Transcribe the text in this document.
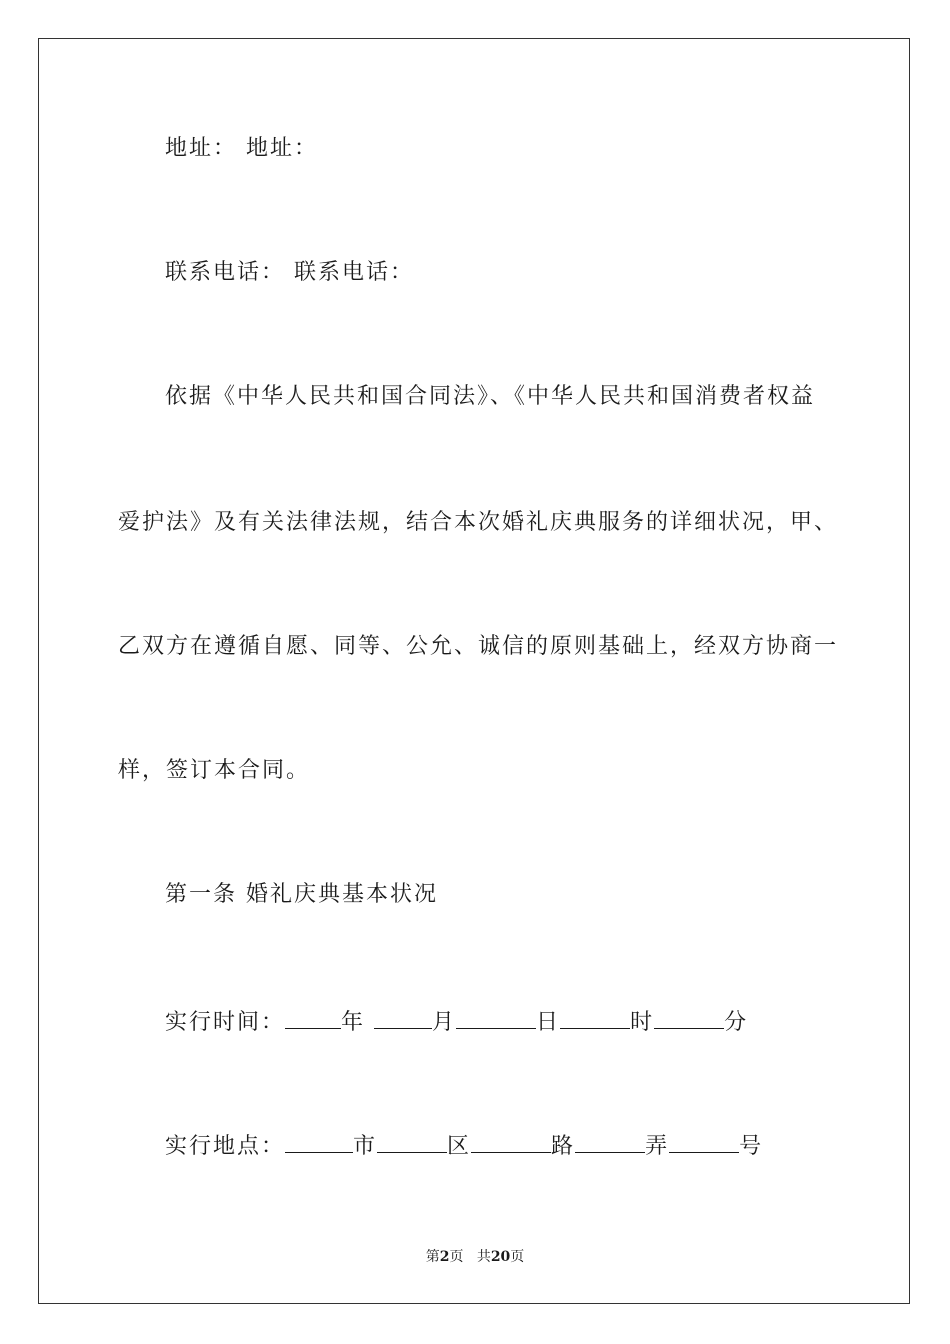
地址： 地址：
联系电话： 联系电话：
依据《中华人民共和国合同法》、《中华人民共和国消费者权益
爱护法》及有关法律法规，结合本次婚礼庆典服务的详细状况，甲、
乙双方在遵循自愿、同等、公允、诚信的原则基础上，经双方协商一
样，签订本合同。
第一条 婚礼庆典基本状况
实行时间：	年	月	日	时	分
实行地点：	市	区	路	弄	号
第2页 共20页
